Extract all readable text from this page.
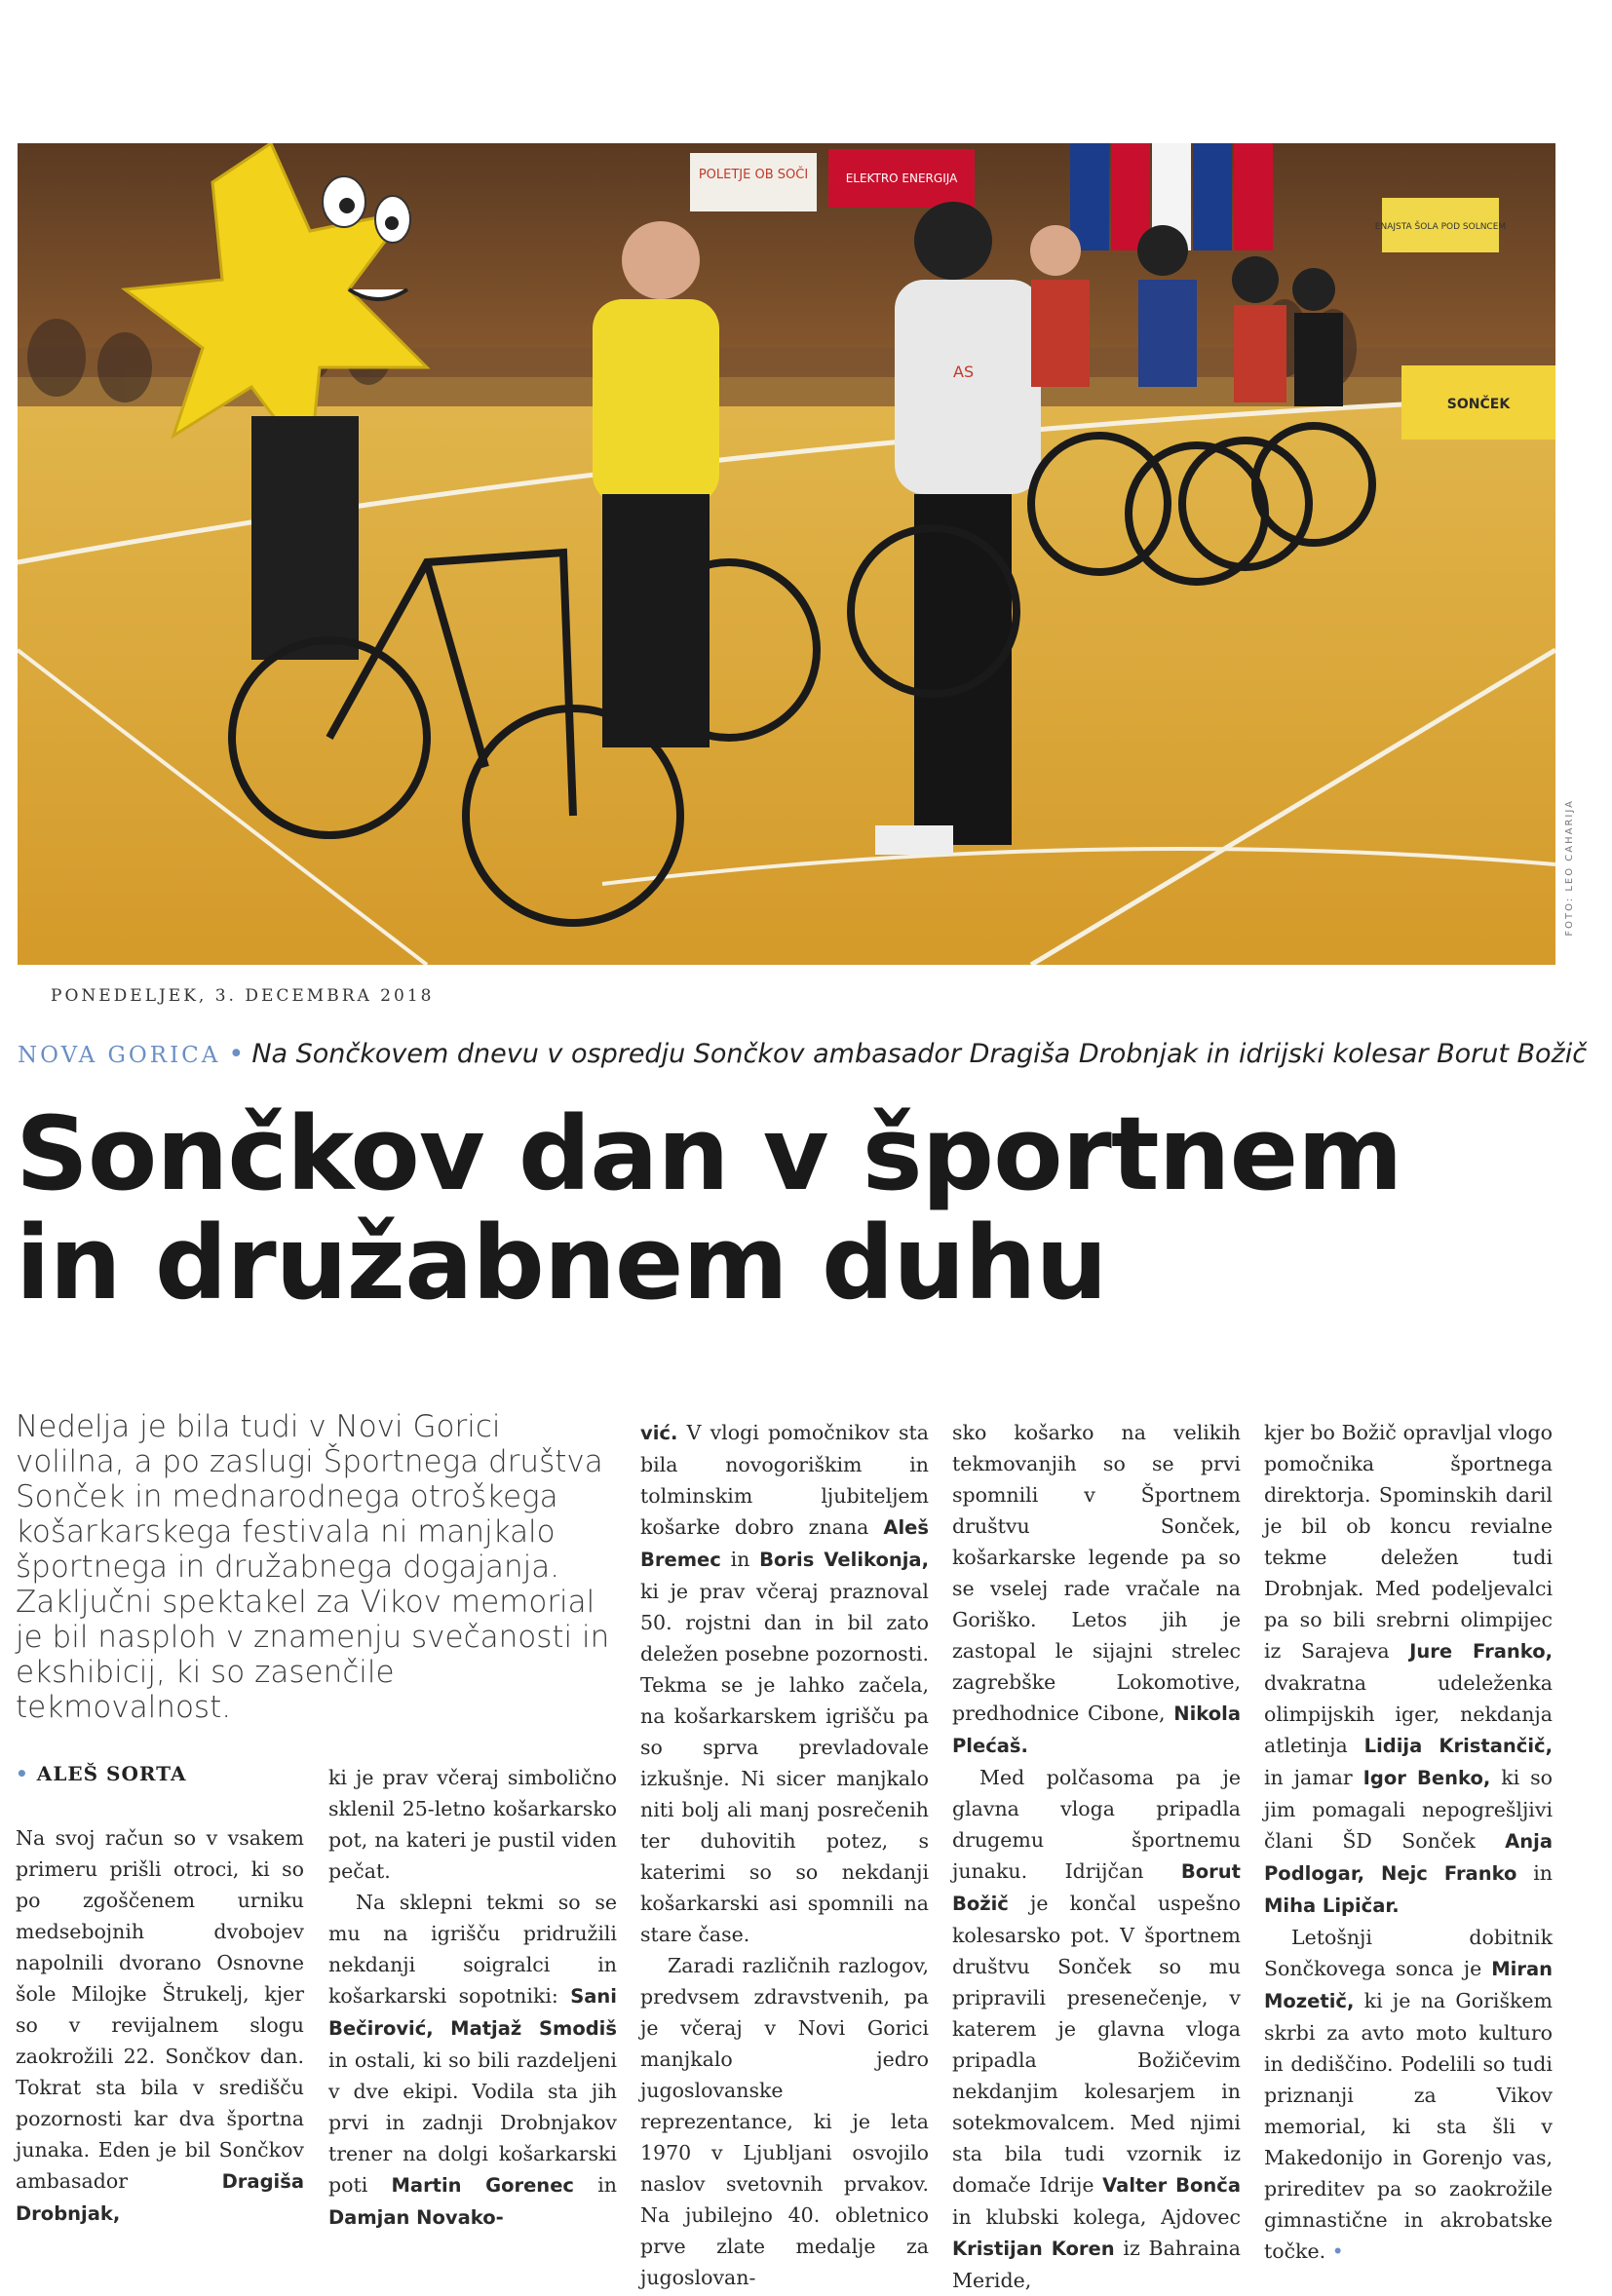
POLETJE OB SOČI	ELEKTRO ENERGIJA
ENAJSTA ŠOLA POD SOLNCEM
SONČEK
AS
FOTO: LEO CAHARIJA
PONEDELJEK, 3. DECEMBRA 2018
NOVA GORICA • Na Sončkovem dnevu v ospredju Sončkov ambasador Dragiša Drobnjak in idrijski kolesar Borut Božič
Sončkov dan v športnem
in družabnem duhu

Nedelja je bila tudi v Novi Gorici volilna, a po zaslugi Športnega društva Sonček in mednarodnega otroškega košarkarskega festivala ni manjkalo športnega in družabnega dogajanja. Zaključni spektakel za Vikov memorial je bil nasploh v znamenju svečanosti in ekshibicij, ki so zasenčile tekmovalnost.

• ALEŠ SORTA

Na svoj račun so v vsakem primeru prišli otroci, ki so po zgoščenem urniku medsebojnih dvobojev napolnili dvorano Osnovne šole Milojke Štrukelj, kjer so v revijalnem slogu zaokrožili 22. Sončkov dan. Tokrat sta bila v središču pozornosti kar dva športna junaka. Eden je bil Sončkov ambasador	Dragiša Drobnjak,

ki je prav včeraj simbolično sklenil 25-letno košarkarsko pot, na kateri je pustil viden pečat.

Na sklepni tekmi so se mu na igrišču pridružili nekdanji soigralci in košarkarski sopotniki: Sani Bečirović, Matjaž Smodiš in ostali, ki so bili razdeljeni v dve ekipi. Vodila sta jih prvi in zadnji Drobnjakov trener na dolgi košarkarski poti Martin Gorenec in Damjan Novako-

vić. V vlogi pomočnikov sta bila novogoriškim in tolminskim ljubiteljem košarke dobro znana Aleš Bremec in Boris Velikonja, ki je prav včeraj praznoval 50. rojstni dan in bil zato deležen posebne pozornosti. Tekma se je lahko začela, na košarkarskem igrišču pa so sprva prevladovale izkušnje. Ni sicer manjkalo niti bolj ali manj posrečenih ter duhovitih potez, s katerimi so so nekdanji košarkarski asi spomnili na stare čase.

Zaradi različnih razlogov, predvsem zdravstvenih, pa je včeraj v Novi Gorici manjkalo jedro jugoslovanske reprezentance, ki je leta 1970 v Ljubljani osvojilo naslov svetovnih prvakov. Na jubilejno 40. obletnico prve zlate medalje za jugoslovan-

sko košarko na velikih tekmovanjih so se prvi spomnili v Športnem društvu Sonček, košarkarske legende pa so se vselej rade vračale na Goriško. Letos jih je zastopal le sijajni strelec zagrebške Lokomotive, predhodnice Cibone, Nikola Plećaš.

Med polčasoma pa je glavna vloga pripadla drugemu športnemu junaku. Idrijčan Borut Božič je končal uspešno kolesarsko pot. V športnem društvu Sonček so mu pripravili presenečenje, v katerem je glavna vloga pripadla Božičevim nekdanjim kolesarjem in sotekmovalcem. Med njimi sta bila tudi vzornik iz domače Idrije Valter Bonča in klubski kolega, Ajdovec Kristijan Koren iz Bahraina Meride,

kjer bo Božič opravljal vlogo pomočnika športnega direktorja. Spominskih daril je bil ob koncu revialne tekme deležen tudi Drobnjak. Med podeljevalci pa so bili srebrni olimpijec iz Sarajeva Jure Franko, dvakratna udeleženka olimpijskih iger, nekdanja atletinja Lidija Kristančič, in jamar Igor Benko, ki so jim pomagali nepogrešljivi člani ŠD Sonček Anja Podlogar, Nejc Franko in Miha Lipičar.

Letošnji dobitnik Sončkovega sonca je Miran Mozetič, ki je na Goriškem skrbi za avto moto kulturo in dediščino. Podelili so tudi priznanji za Vikov memorial, ki sta šli v Makedonijo in Gorenjo vas, prireditev pa so zaokrožile gimnastične in akrobatske točke. •
